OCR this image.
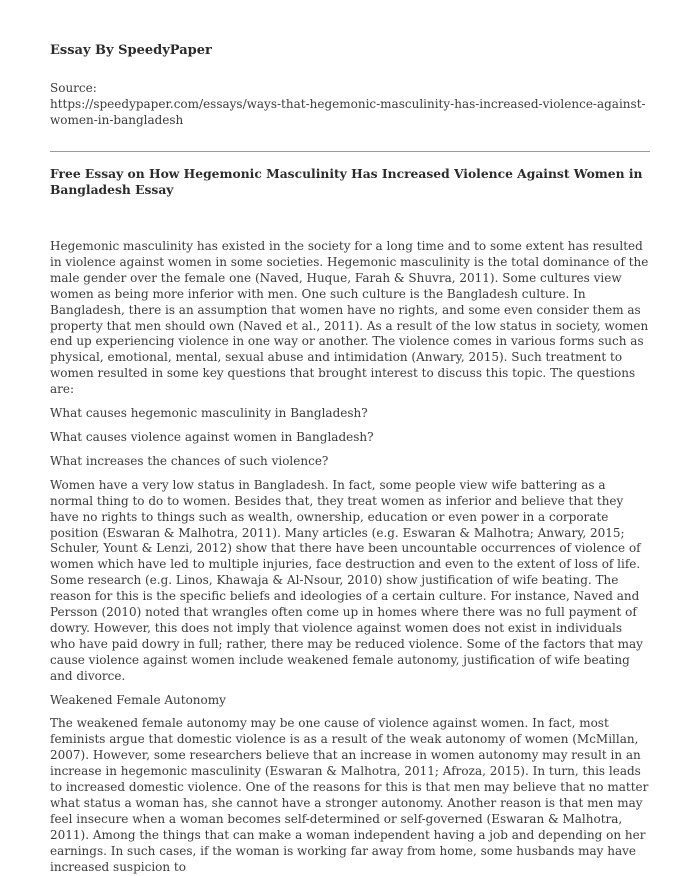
Essay By SpeedyPaper
Source:
https://speedypaper.com/essays/ways-that-hegemonic-masculinity-has-increased-violence-against-women-in-bangladesh
Free Essay on How Hegemonic Masculinity Has Increased Violence Against Women in Bangladesh Essay

Hegemonic masculinity has existed in the society for a long time and to some extent has resulted in violence against women in some societies. Hegemonic masculinity is the total dominance of the male gender over the female one (Naved, Huque, Farah & Shuvra, 2011). Some cultures view women as being more inferior with men. One such culture is the Bangladesh culture. In Bangladesh, there is an assumption that women have no rights, and some even consider them as property that men should own (Naved et al., 2011). As a result of the low status in society, women end up experiencing violence in one way or another. The violence comes in various forms such as physical, emotional, mental, sexual abuse and intimidation (Anwary, 2015). Such treatment to women resulted in some key questions that brought interest to discuss this topic. The questions are:

What causes hegemonic masculinity in Bangladesh?

What causes violence against women in Bangladesh?

What increases the chances of such violence?

Women have a very low status in Bangladesh. In fact, some people view wife battering as a normal thing to do to women. Besides that, they treat women as inferior and believe that they have no rights to things such as wealth, ownership, education or even power in a corporate position (Eswaran & Malhotra, 2011). Many articles (e.g. Eswaran & Malhotra; Anwary, 2015; Schuler, Yount & Lenzi, 2012) show that there have been uncountable occurrences of violence of women which have led to multiple injuries, face destruction and even to the extent of loss of life. Some research (e.g. Linos, Khawaja & Al-Nsour, 2010) show justification of wife beating. The reason for this is the specific beliefs and ideologies of a certain culture. For instance, Naved and Persson (2010) noted that wrangles often come up in homes where there was no full payment of dowry. However, this does not imply that violence against women does not exist in individuals who have paid dowry in full; rather, there may be reduced violence. Some of the factors that may cause violence against women include weakened female autonomy, justification of wife beating and divorce.

Weakened Female Autonomy

The weakened female autonomy may be one cause of violence against women. In fact, most feminists argue that domestic violence is as a result of the weak autonomy of women (McMillan, 2007). However, some researchers believe that an increase in women autonomy may result in an increase in hegemonic masculinity (Eswaran & Malhotra, 2011; Afroza, 2015). In turn, this leads to increased domestic violence. One of the reasons for this is that men may believe that no matter what status a woman has, she cannot have a stronger autonomy. Another reason is that men may feel insecure when a woman becomes self-determined or self-governed (Eswaran & Malhotra, 2011). Among the things that can make a woman independent having a job and depending on her earnings. In such cases, if the woman is working far away from home, some husbands may have increased suspicion to
